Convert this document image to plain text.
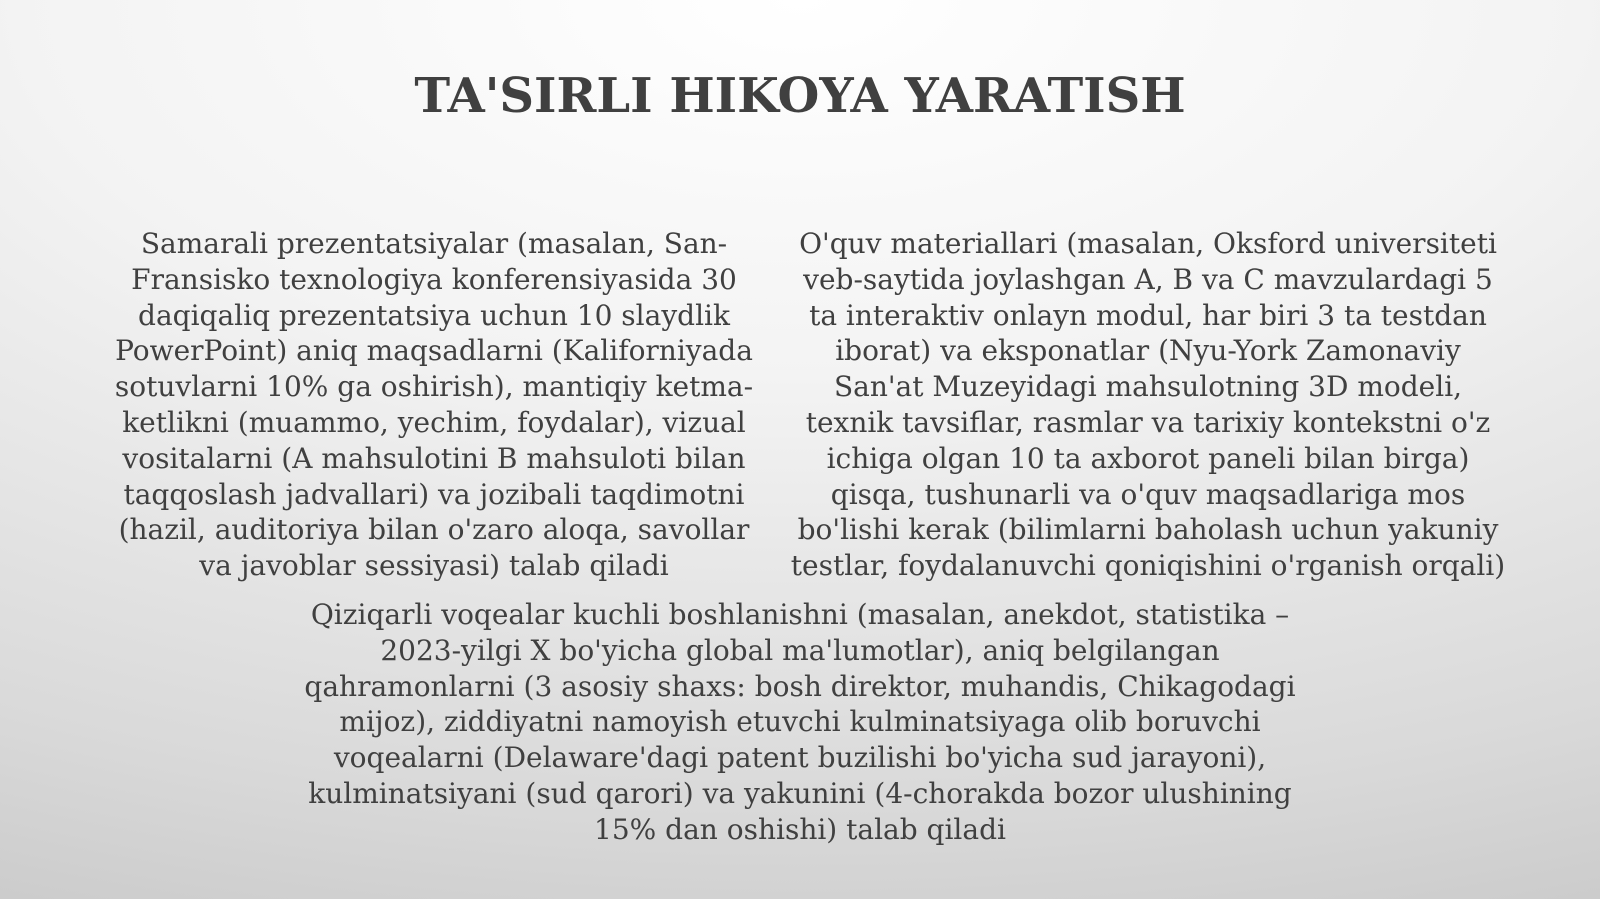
TA'SIRLI HIKOYA YARATISH

Samarali prezentatsiyalar (masalan, San-Fransisko texnologiya konferensiyasida 30 daqiqaliq prezentatsiya uchun 10 slaydlik PowerPoint) aniq maqsadlarni (Kaliforniyada sotuvlarni 10% ga oshirish), mantiqiy ketma-ketlikni (muammo, yechim, foydalar), vizual vositalarni (A mahsulotini B mahsuloti bilan taqqoslash jadvallari) va jozibali taqdimotni (hazil, auditoriya bilan o'zaro aloqa, savollar va javoblar sessiyasi) talab qiladi

O'quv materiallari (masalan, Oksford universiteti veb-saytida joylashgan A, B va C mavzulardagi 5 ta interaktiv onlayn modul, har biri 3 ta testdan iborat) va eksponatlar (Nyu-York Zamonaviy San'at Muzeyidagi mahsulotning 3D modeli, texnik tavsiflar, rasmlar va tarixiy kontekstni o'z ichiga olgan 10 ta axborot paneli bilan birga) qisqa, tushunarli va o'quv maqsadlariga mos bo'lishi kerak (bilimlarni baholash uchun yakuniy testlar, foydalanuvchi qoniqishini o'rganish orqali)

Qiziqarli voqealar kuchli boshlanishni (masalan, anekdot, statistika – 2023-yilgi X bo'yicha global ma'lumotlar), aniq belgilangan qahramonlarni (3 asosiy shaxs: bosh direktor, muhandis, Chikagodagi mijoz), ziddiyatni namoyish etuvchi kulminatsiyaga olib boruvchi voqealarni (Delaware'dagi patent buzilishi bo'yicha sud jarayoni), kulminatsiyani (sud qarori) va yakunini (4-chorakda bozor ulushining 15% dan oshishi) talab qiladi
